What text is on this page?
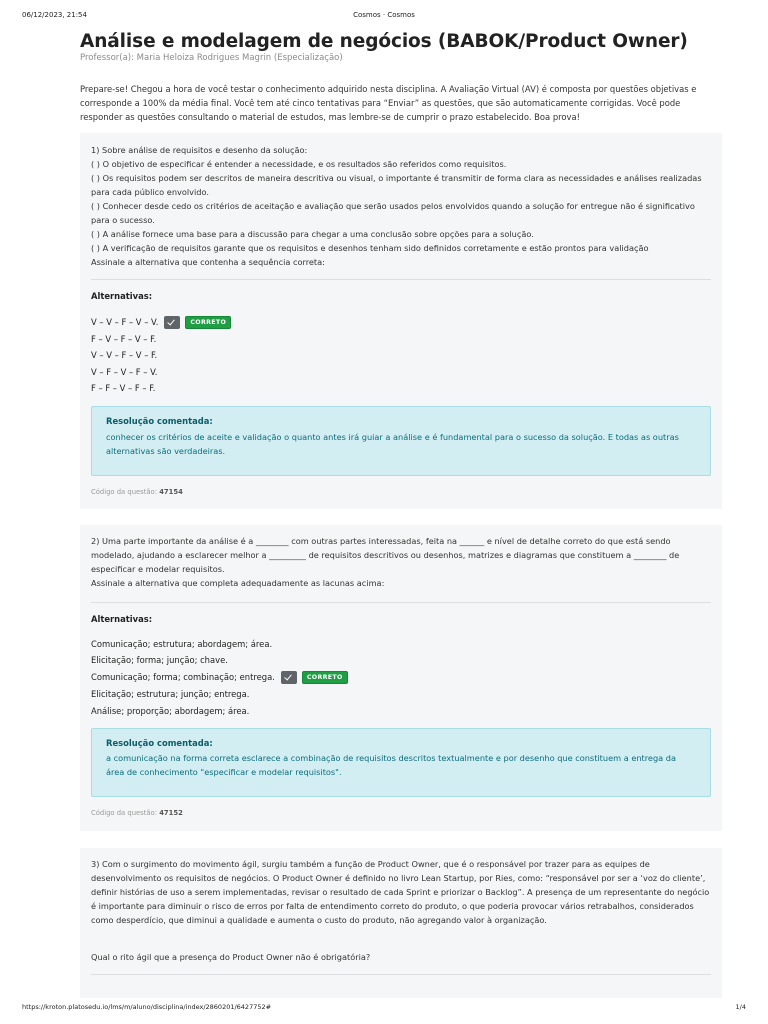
06/12/2023, 21:54	Cosmos · Cosmos
Análise e modelagem de negócios (BABOK/Product Owner)
Professor(a): Maria Heloiza Rodrigues Magrin (Especialização)
Prepare-se! Chegou a hora de você testar o conhecimento adquirido nesta disciplina. A Avaliação Virtual (AV) é composta por questões objetivas e corresponde a 100% da média final. Você tem até cinco tentativas para “Enviar” as questões, que são automaticamente corrigidas. Você pode responder as questões consultando o material de estudos, mas lembre-se de cumprir o prazo estabelecido. Boa prova!

1) Sobre análise de requisitos e desenho da solução:

( ) O objetivo de especificar é entender a necessidade, e os resultados são referidos como requisitos.

( ) Os requisitos podem ser descritos de maneira descritiva ou visual, o importante é transmitir de forma clara as necessidades e análises realizadas para cada público envolvido.

( ) Conhecer desde cedo os critérios de aceitação e avaliação que serão usados pelos envolvidos quando a solução for entregue não é significativo para o sucesso.

( ) A análise fornece uma base para a discussão para chegar a uma conclusão sobre opções para a solução.

( ) A verificação de requisitos garante que os requisitos e desenhos tenham sido definidos corretamente e estão prontos para validação

Assinale a alternativa que contenha a sequência correta:

Alternativas:
V – V – F – V – V.	CORRETO
F – V – F – V – F.
V – V – F – V – F.
V – F – V – F – V.
F – F – V – F – F.
Resolução comentada:
conhecer os critérios de aceite e validação o quanto antes irá guiar a análise e é fundamental para o sucesso da solução. E todas as outras alternativas são verdadeiras.
Código da questão: 47154

2) Uma parte importante da análise é a ________ com outras partes interessadas, feita na ______ e nível de detalhe correto do que está sendo modelado, ajudando a esclarecer melhor a _________ de requisitos descritivos ou desenhos, matrizes e diagramas que constituem a ________ de especificar e modelar requisitos.

Assinale a alternativa que completa adequadamente as lacunas acima:

Alternativas:
Comunicação; estrutura; abordagem; área.
Elicitação; forma; junção; chave.
Comunicação; forma; combinação; entrega.	CORRETO
Elicitação; estrutura; junção; entrega.
Análise; proporção; abordagem; área.
Resolução comentada:
a comunicação na forma correta esclarece a combinação de requisitos descritos textualmente e por desenho que constituem a entrega da área de conhecimento "especificar e modelar requisitos".
Código da questão: 47152

3) Com o surgimento do movimento ágil, surgiu também a função de Product Owner, que é o responsável por trazer para as equipes de desenvolvimento os requisitos de negócios. O Product Owner é definido no livro Lean Startup, por Ries, como: “responsável por ser a ‘voz do cliente’, definir histórias de uso a serem implementadas, revisar o resultado de cada Sprint e priorizar o Backlog”. A presença de um representante do negócio é importante para diminuir o risco de erros por falta de entendimento correto do produto, o que poderia provocar vários retrabalhos, considerados como desperdício, que diminui a qualidade e aumenta o custo do produto, não agregando valor à organização.

Qual o rito ágil que a presença do Product Owner não é obrigatória?
https://kroton.platosedu.io/lms/m/aluno/disciplina/index/2860201/6427752#	1/4
